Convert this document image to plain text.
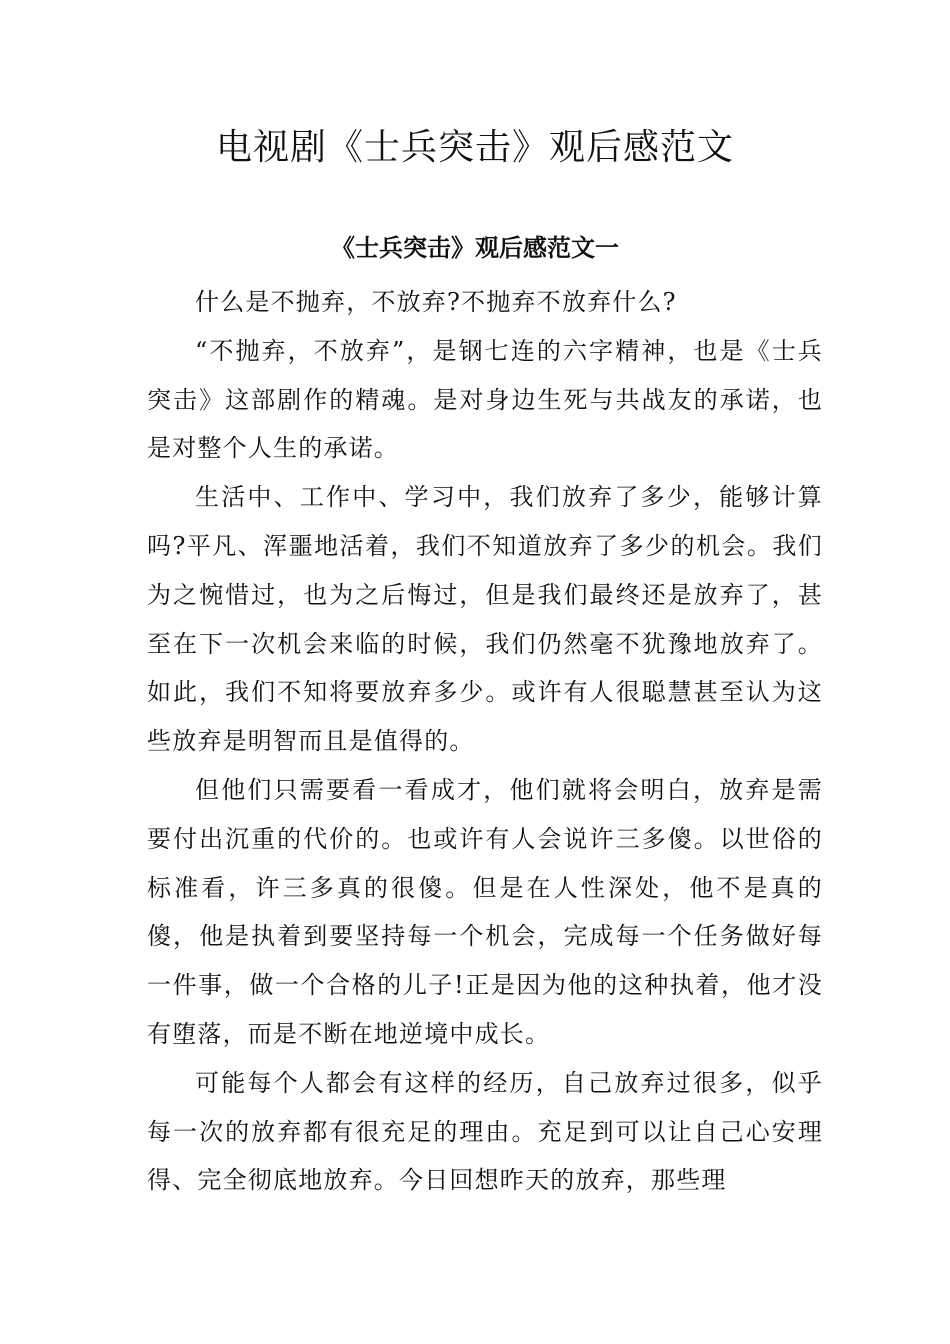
电视剧《士兵突击》观后感范文
《士兵突击》观后感范文一

什么是不抛弃，不放弃?不抛弃不放弃什么?

“不抛弃，不放弃”，是钢七连的六字精神，也是《士兵突击》这部剧作的精魂。是对身边生死与共战友的承诺，也是对整个人生的承诺。

生活中、工作中、学习中，我们放弃了多少，能够计算吗?平凡、浑噩地活着，我们不知道放弃了多少的机会。我们为之惋惜过，也为之后悔过，但是我们最终还是放弃了，甚至在下一次机会来临的时候，我们仍然毫不犹豫地放弃了。如此，我们不知将要放弃多少。或许有人很聪慧甚至认为这些放弃是明智而且是值得的。

但他们只需要看一看成才，他们就将会明白，放弃是需要付出沉重的代价的。也或许有人会说许三多傻。以世俗的标准看，许三多真的很傻。但是在人性深处，他不是真的傻，他是执着到要坚持每一个机会，完成每一个任务做好每一件事，做一个合格的儿子!正是因为他的这种执着，他才没有堕落，而是不断在地逆境中成长。

可能每个人都会有这样的经历，自己放弃过很多，似乎每一次的放弃都有很充足的理由。充足到可以让自己心安理得、完全彻底地放弃。今日回想昨天的放弃，那些理
